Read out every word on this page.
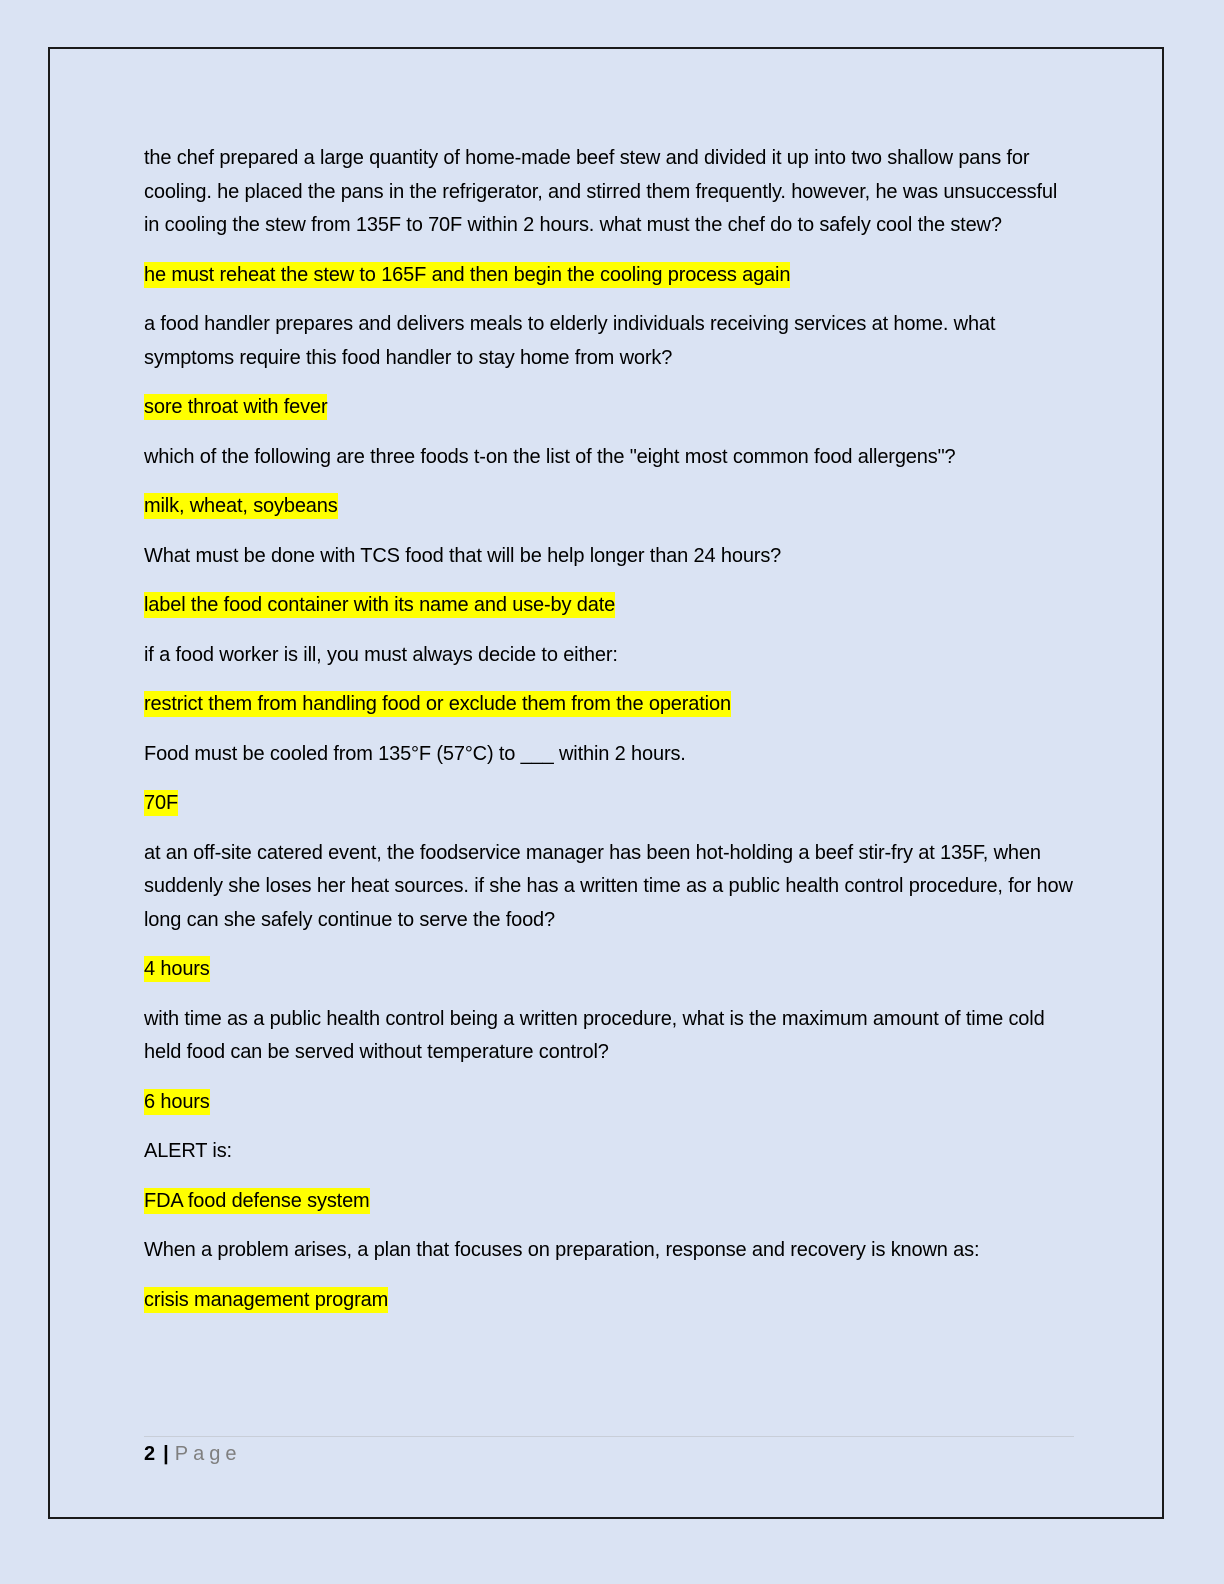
the chef prepared a large quantity of home-made beef stew and divided it up into two shallow pans for cooling. he placed the pans in the refrigerator, and stirred them frequently. however, he was unsuccessful in cooling the stew from 135F to 70F within 2 hours. what must the chef do to safely cool the stew?

he must reheat the stew to 165F and then begin the cooling process again

a food handler prepares and delivers meals to elderly individuals receiving services at home. what symptoms require this food handler to stay home from work?

sore throat with fever

which of the following are three foods t-on the list of the "eight most common food allergens"?

milk, wheat, soybeans

What must be done with TCS food that will be help longer than 24 hours?

label the food container with its name and use-by date

if a food worker is ill, you must always decide to either:

restrict them from handling food or exclude them from the operation

Food must be cooled from 135°F (57°C) to ___ within 2 hours.

70F

at an off-site catered event, the foodservice manager has been hot-holding a beef stir-fry at 135F, when suddenly she loses her heat sources. if she has a written time as a public health control procedure, for how long can she safely continue to serve the food?

4 hours

with time as a public health control being a written procedure, what is the maximum amount of time cold held food can be served without temperature control?

6 hours

ALERT is:

FDA food defense system

When a problem arises, a plan that focuses on preparation, response and recovery is known as:

crisis management program

2 | Page
